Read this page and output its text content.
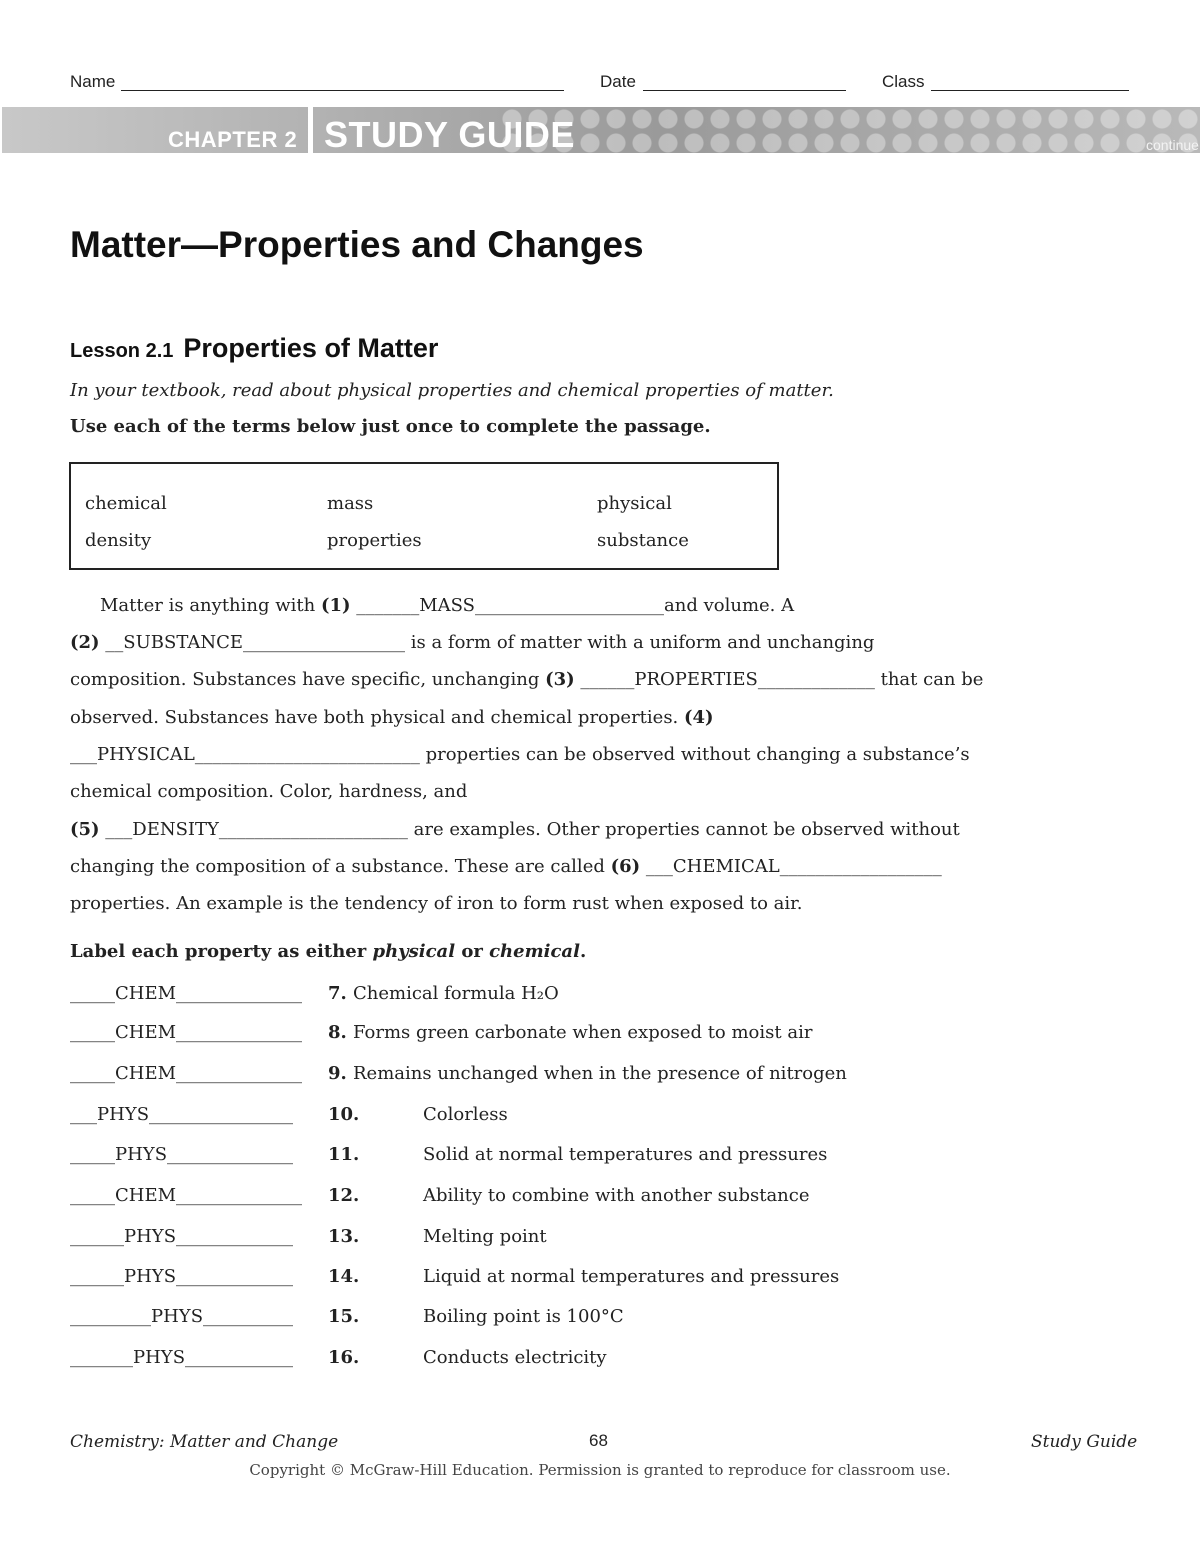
Name	Date	Class
CHAPTER 2 STUDY GUIDE	continue
Matter—Properties and Changes
Lesson 2.1 Properties of Matter
In your textbook, read about physical properties and chemical properties of matter.
Use each of the terms below just once to complete the passage.
chemical	mass	physical
density	properties	substance
Matter is anything with (1) _______MASS_____________________and volume. A
(2) __SUBSTANCE__________________ is a form of matter with a uniform and unchanging
composition. Substances have specific, unchanging (3) ______PROPERTIES_____________ that can be
observed. Substances have both physical and chemical properties. (4)
___PHYSICAL_________________________ properties can be observed without changing a substance’s
chemical composition. Color, hardness, and
(5) ___DENSITY_____________________ are examples. Other properties cannot be observed without
changing the composition of a substance. These are called (6) ___CHEMICAL__________________
properties. An example is the tendency of iron to form rust when exposed to air.
Label each property as either physical or chemical.
_____CHEM______________ 7. Chemical formula H₂O
_____CHEM______________ 8. Forms green carbonate when exposed to moist air
_____CHEM______________ 9. Remains unchanged when in the presence of nitrogen
___PHYS________________ 10.	Colorless
_____PHYS______________ 11.	Solid at normal temperatures and pressures
_____CHEM______________ 12.	Ability to combine with another substance
______PHYS_____________ 13.	Melting point
______PHYS_____________ 14.	Liquid at normal temperatures and pressures
_________PHYS__________ 15.	Boiling point is 100°C
_______PHYS____________ 16.	Conducts electricity
Chemistry: Matter and Change	68	Study Guide
Copyright © McGraw-Hill Education. Permission is granted to reproduce for classroom use.
